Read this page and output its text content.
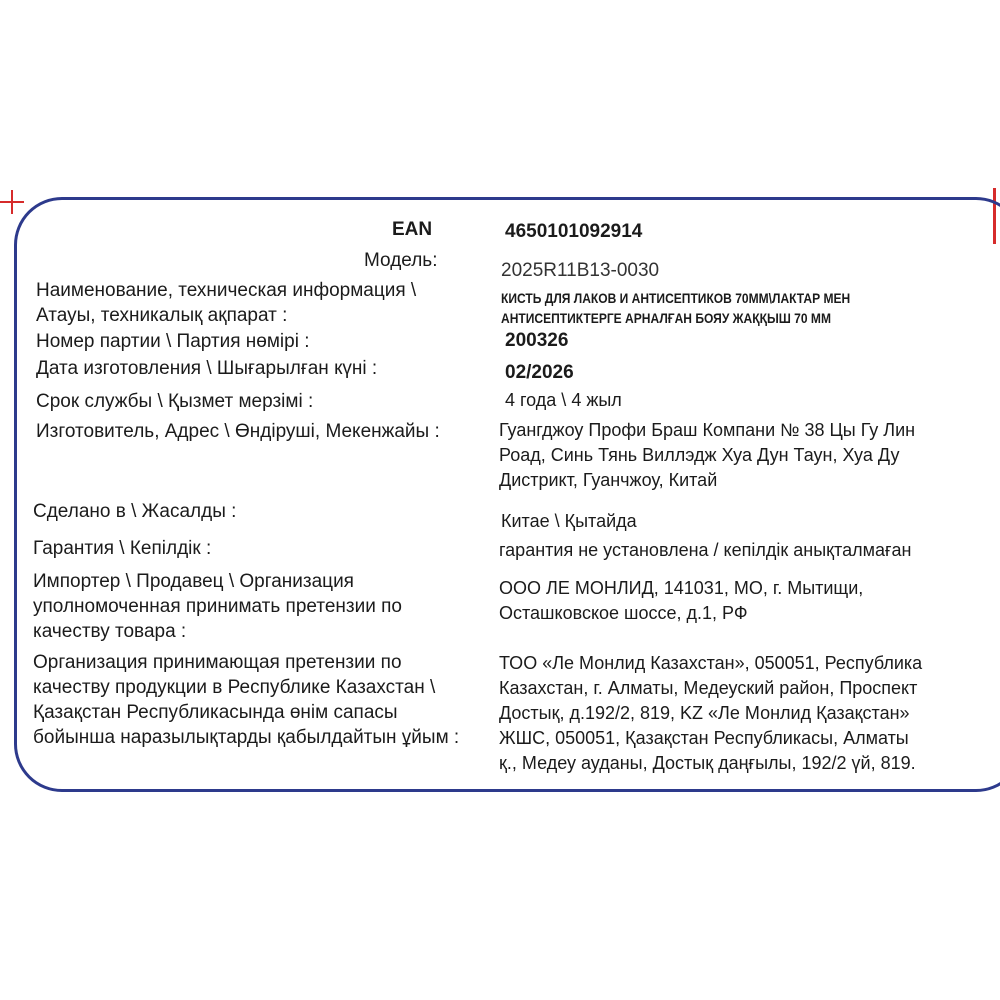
EAN	4650101092914
Модель:	2025R11B13-0030
Наименование, техническая информация \
Атауы, техникалық ақпарат :
КИСТЬ ДЛЯ ЛАКОВ И АНТИСЕПТИКОВ 70ММ\ЛАКТАР МЕН
АНТИСЕПТИКТЕРГЕ АРНАЛҒАН БОЯУ ЖАҚҚЫШ 70 ММ
Номер партии \ Партия нөмірі :	200326
Дата изготовления \ Шығарылған күні :	02/2026
Срок службы \ Қызмет мерзімі :	4 года \ 4 жыл
Изготовитель, Адрес \ Өндіруші, Мекенжайы :	Гуангджоу Профи Браш Компани № 38 Цы Гу Лин
Роад, Синь Тянь Виллэдж Хуа Дун Таун, Хуа Ду
Дистрикт, Гуанчжоу, Китай
Сделано в \ Жасалды :	Китае \ Қытайда
Гарантия \ Кепілдік :	гарантия не установлена / кепілдік анықталмаған
Импортер \ Продавец \ Организация
уполномоченная принимать претензии по
качеству товара :
ООО ЛЕ МОНЛИД, 141031, МО, г. Мытищи,
Осташковское шоссе, д.1, РФ
Организация принимающая претензии по
качеству продукции в Республике Казахстан \
Қазақстан Республикасында өнім сапасы
бойынша наразылықтарды қабылдайтын ұйым :
ТОО «Ле Монлид Казахстан», 050051, Республика
Казахстан, г. Алматы, Медеуский район, Проспект
Достық, д.192/2, 819, KZ «Ле Монлид Қазақстан»
ЖШС, 050051, Қазақстан Республикасы, Алматы
қ., Медеу ауданы, Достық даңғылы, 192/2 үй, 819.
